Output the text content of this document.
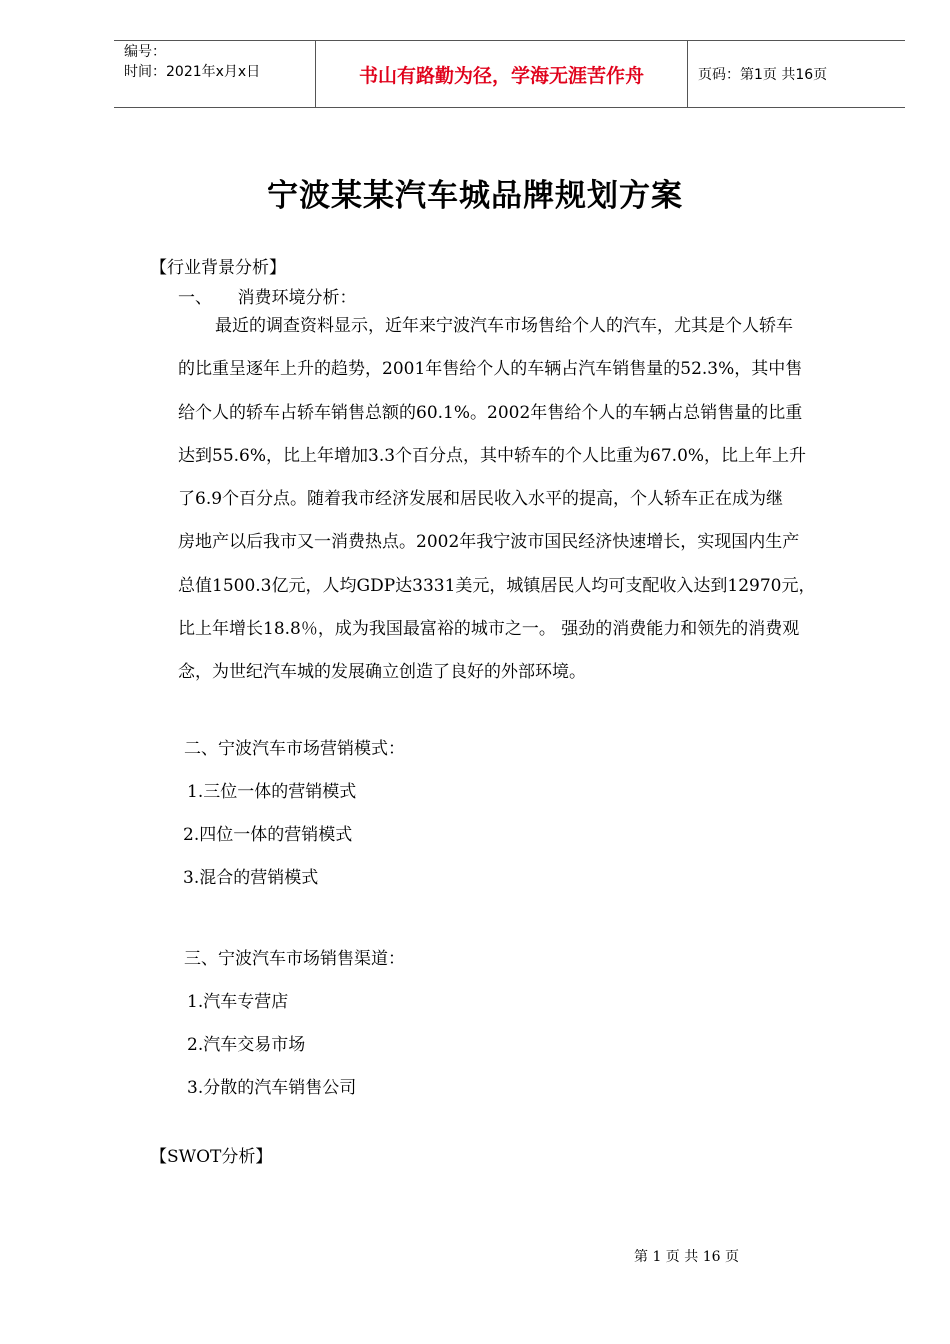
编号：
时间：2021年x月x日	书山有路勤为径，学海无涯苦作舟	页码：第1页 共16页
宁波某某汽车城品牌规划方案
【行业背景分析】
一、　　消费环境分析：
最近的调查资料显示，近年来宁波汽车市场售给个人的汽车，尤其是个人轿车
的比重呈逐年上升的趋势，2001年售给个人的车辆占汽车销售量的52.3%，其中售
给个人的轿车占轿车销售总额的60.1%。2002年售给个人的车辆占总销售量的比重
达到55.6%，比上年增加3.3个百分点，其中轿车的个人比重为67.0%，比上年上升
了6.9个百分点。随着我市经济发展和居民收入水平的提高，个人轿车正在成为继
房地产以后我市又一消费热点。2002年我宁波市国民经济快速增长，实现国内生产
总值1500.3亿元，人均GDP达3331美元，城镇居民人均可支配收入达到12970元，
比上年增长18.8％，成为我国最富裕的城市之一。 强劲的消费能力和领先的消费观
念，为世纪汽车城的发展确立创造了良好的外部环境。
二、宁波汽车市场营销模式：
1.三位一体的营销模式
2.四位一体的营销模式
3.混合的营销模式
三、宁波汽车市场销售渠道：
1.汽车专营店
2.汽车交易市场
3.分散的汽车销售公司
【SWOT分析】
第 1 页 共 16 页
